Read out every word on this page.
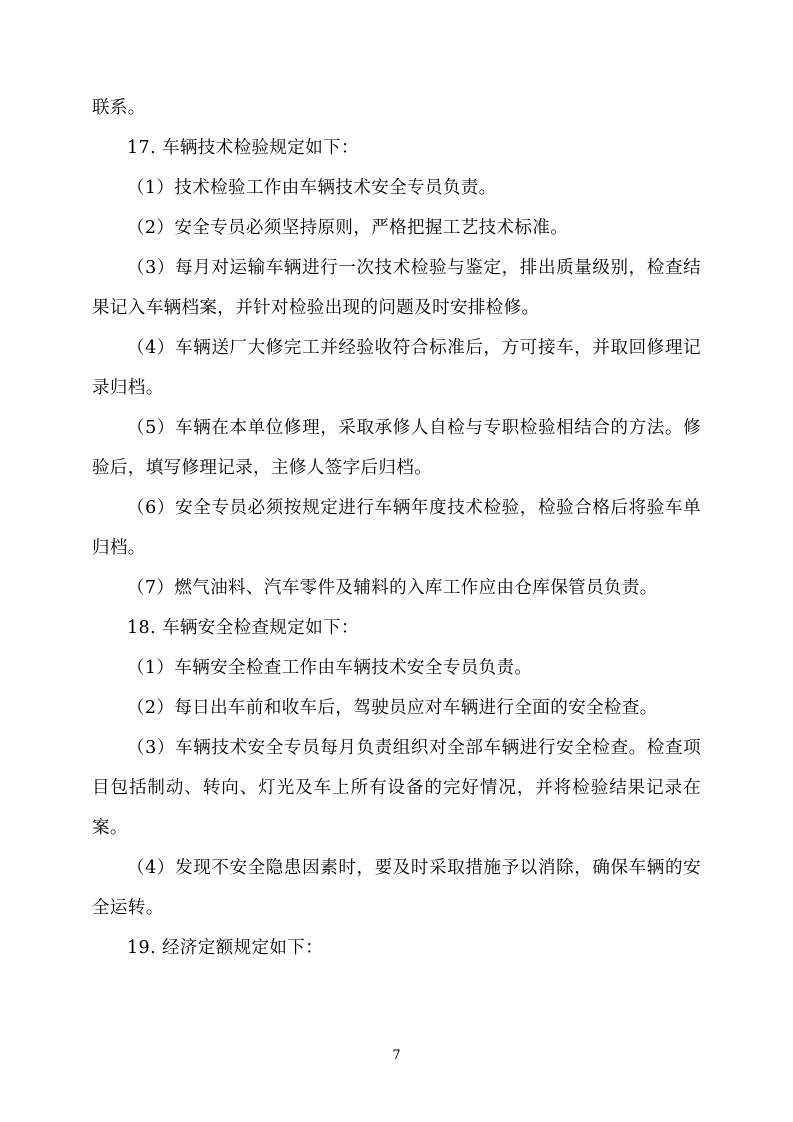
联系。

17. 车辆技术检验规定如下：

（1）技术检验工作由车辆技术安全专员负责。

（2）安全专员必须坚持原则，严格把握工艺技术标准。

（3）每月对运输车辆进行一次技术检验与鉴定，排出质量级别，检查结果记入车辆档案，并针对检验出现的问题及时安排检修。

（4）车辆送厂大修完工并经验收符合标准后，方可接车，并取回修理记录归档。

（5）车辆在本单位修理，采取承修人自检与专职检验相结合的方法。修验后，填写修理记录，主修人签字后归档。

（6）安全专员必须按规定进行车辆年度技术检验，检验合格后将验车单归档。

（7）燃气油料、汽车零件及辅料的入库工作应由仓库保管员负责。

18. 车辆安全检查规定如下：

（1）车辆安全检查工作由车辆技术安全专员负责。

（2）每日出车前和收车后，驾驶员应对车辆进行全面的安全检查。

（3）车辆技术安全专员每月负责组织对全部车辆进行安全检查。检查项目包括制动、转向、灯光及车上所有设备的完好情况，并将检验结果记录在案。

（4）发现不安全隐患因素时，要及时采取措施予以消除，确保车辆的安全运转。

19. 经济定额规定如下：

7
